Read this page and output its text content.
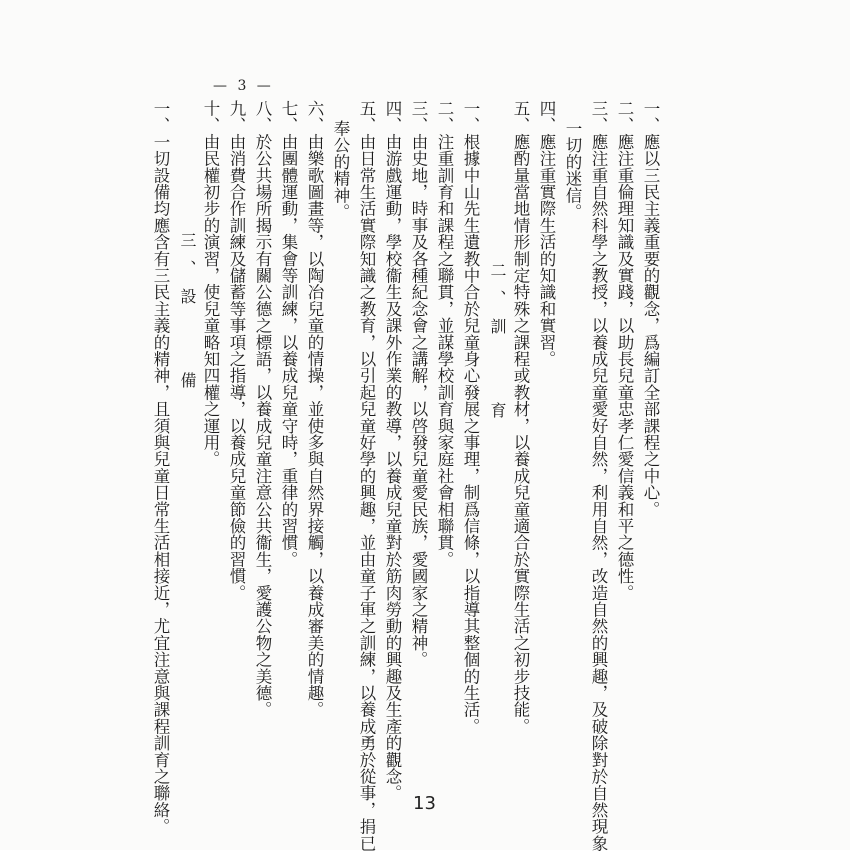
— 3 —
一、應以三民主義重要的觀念，爲編訂全部課程之中心。
二、應注重倫理知識及實踐，以助長兒童忠孝仁愛信義和平之德性。
三、應注重自然科學之教授，以養成兒童愛好自然，利用自然，改造自然的興趣，及破除對於自然現象
一切的迷信。
四、應注重實際生活的知識和實習。
五、應酌量當地情形制定特殊之課程或教材，以養成兒童適合於實際生活之初步技能。
二、訓　　育
一、根據中山先生遺教中合於兒童身心發展之事理，制爲信條，以指導其整個的生活。
二、注重訓育和課程之聯貫，並謀學校訓育與家庭社會相聯貫。
三、由史地，時事及各種紀念會之講解，以啓發兒童愛民族，愛國家之精神。
四、由游戲運動，學校衞生及課外作業的教導，以養成兒童對於筋肉勞動的興趣及生產的觀念。
五、由日常生活實際知識之教育，以引起兒童好學的興趣，並由童子軍之訓練，以養成勇於從事，捐已
奉公的精神。
六、由樂歌圖畫等，以陶冶兒童的情操，並使多與自然界接觸，以養成審美的情趣。
七、由團體運動，集會等訓練，以養成兒童守時，重律的習慣。
八、於公共場所揭示有關公德之標語，以養成兒童注意公共衞生，愛護公物之美德。
九、由消費合作訓練及儲蓄等事項之指導，以養成兒童節儉的習慣。
十、由民權初步的演習，使兒童略知四權之運用。
三、設　　備
一、一切設備均應含有三民主義的精神，且須與兒童日常生活相接近，尤宜注意與課程訓育之聯絡。	13
